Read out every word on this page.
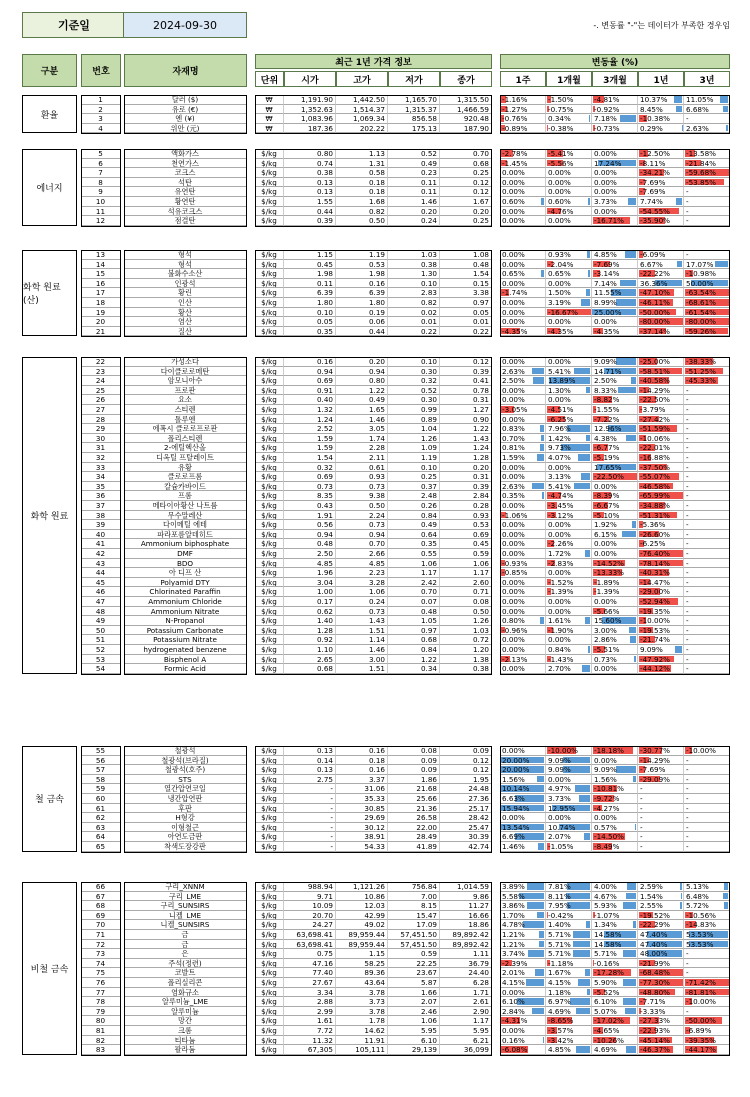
기준일	2024-09-30	-. 변동률 "-"는 데이터가 부족한 경우임
구분	번호	자재명
최근 1년 가격 정보	변동율 (%)
단위	시가	고가	저가	종가	1주	1개월	3개월	1년	3년
환율
1	달러 ($)	₩	1,191.90	1,442.50	1,165.70	1,315.50	-1.16%	-1.50%	-4.81%	10.37%	11.05%
2	유로 (€)	₩	1,352.63	1,514.37	1,315.37	1,466.59	-1.27%	-0.75%	-0.92%	8.45%	6.68%
3	엔 (¥)	₩	1,083.96	1,069.34	856.58	920.48	-0.76%	0.34%	7.18%	-10.38%	-
4	위안 (元)	₩	187.36	202.22	175.13	187.90	-0.89%	-0.38%	-0.73%	0.29%	2.63%
에너지
5	액화가스	$/kg	0.80	1.13	0.52	0.70	-2.78%	-5.41%	0.00%	-12.50%	-13.58%
6	천연가스	$/kg	0.74	1.31	0.49	0.68	-1.45%	-5.56%	17.24%	-8.11%	-21.84%
7	코크스	$/kg	0.38	0.58	0.23	0.25	0.00%	0.00%	0.00%	-34.21%	-59.68%
8	석탄	$/kg	0.13	0.18	0.11	0.12	0.00%	0.00%	0.00%	-7.69%	-53.85%
9	유연탄	$/kg	0.13	0.18	0.11	0.12	0.00%	0.00%	0.00%	-7.69%	-
10	황연탄	$/kg	1.55	1.68	1.46	1.67	0.60%	0.60%	3.73%	7.74%	-
11	석유코크스	$/kg	0.44	0.82	0.20	0.20	0.00%	-4.76%	0.00%	-54.55%	-
12	점결탄	$/kg	0.39	0.50	0.24	0.25	0.00%	0.00%	-16.71%	-35.90%	-
화학 원료 (산)
13	형석	$/kg	1.15	1.19	1.03	1.08	0.00%	0.93%	4.85%	-6.09%	-
14	형석	$/kg	0.45	0.53	0.38	0.48	0.00%	-2.04%	-7.69%	6.67%	17.07%
15	불화수소산	$/kg	1.98	1.98	1.30	1.54	0.65%	0.65%	-3.14%	-22.22%	-10.98%
16	인광석	$/kg	0.11	0.16	0.10	0.15	0.00%	0.00%	7.14%	36.36%	50.00%
17	황린	$/kg	6.39	6.39	2.83	3.38	-1.74%	1.50%	11.55%	-47.10%	-63.54%
18	인산	$/kg	1.80	1.80	0.82	0.97	0.00%	3.19%	8.99%	-46.11%	-68.61%
19	황산	$/kg	0.10	0.19	0.02	0.05	0.00%	-16.67%	25.00%	-50.00%	-61.54%
20	염산	$/kg	0.05	0.06	0.01	0.01	0.00%	0.00%	0.00%	-80.00%	-80.00%
21	질산	$/kg	0.35	0.44	0.22	0.22	-4.35%	-4.35%	-4.35%	-37.14%	-59.26%
화학 원료
22	가성소다	$/kg	0.16	0.20	0.10	0.12	0.00%	0.00%	9.09%	-25.00%	-38.33%
23	다이클로로메탄	$/kg	0.94	0.94	0.30	0.39	2.63%	5.41%	14.71%	-58.51%	-51.25%
24	암모니아수	$/kg	0.69	0.80	0.32	0.41	2.50%	13.89%	2.50%	-40.58%	-45.33%
25	프로판	$/kg	0.91	1.22	0.52	0.78	0.00%	1.30%	8.33%	-14.29%	-
26	요소	$/kg	0.40	0.49	0.30	0.31	0.00%	0.00%	-8.82%	-22.50%	-
27	스티렌	$/kg	1.32	1.65	0.99	1.27	-3.05%	-4.51%	-1.55%	-3.79%	-
28	톨루엔	$/kg	1.24	1.46	0.89	0.90	0.00%	-6.25%	-7.22%	-27.42%	-
29	에폭시 클로로프로판	$/kg	2.52	3.05	1.04	1.22	0.83%	7.96%	12.96%	-51.59%	-
30	폴리스티렌	$/kg	1.59	1.74	1.26	1.43	0.70%	1.42%	4.38%	-10.06%	-
31	2-에틸헥산올	$/kg	1.59	2.28	1.09	1.24	0.81%	9.73%	-6.77%	-22.01%	-
32	디옥틸 프탈레이트	$/kg	1.54	2.11	1.19	1.28	1.59%	4.07%	-5.19%	-16.88%	-
33	유황	$/kg	0.32	0.61	0.10	0.20	0.00%	0.00%	17.65%	-37.50%	-
34	클로로프롬	$/kg	0.69	0.93	0.25	0.31	0.00%	3.13%	-22.50%	-55.07%	-
35	칼슘카바이드	$/kg	0.73	0.73	0.37	0.39	2.63%	5.41%	0.00%	-46.58%	-
36	프롬	$/kg	8.35	9.38	2.48	2.84	0.35%	-4.74%	-8.39%	-65.99%	-
37	메타이아황산 나트륨	$/kg	0.43	0.50	0.26	0.28	0.00%	-3.45%	-6.67%	-34.88%	-
38	무수말레산	$/kg	1.91	2.24	0.84	0.93	-1.06%	-3.12%	-5.10%	-51.31%	-
39	다이메틸 에테	$/kg	0.56	0.73	0.49	0.53	0.00%	0.00%	1.92%	-5.36%	-
40	파라포름알데히드	$/kg	0.94	0.94	0.64	0.69	0.00%	0.00%	6.15%	-26.60%	-
41	Ammonium biphosphate	$/kg	0.48	0.70	0.35	0.45	0.00%	-2.26%	0.00%	-6.25%	-
42	DMF	$/kg	2.50	2.66	0.55	0.59	0.00%	1.72%	0.00%	-76.40%	-
43	BDO	$/kg	4.85	4.85	1.06	1.06	-0.93%	-2.83%	-14.52%	-78.14%	-
44	아 디프 산	$/kg	1.96	2.23	1.17	1.17	-0.85%	0.00%	-13.33%	-40.31%	-
45	Polyamid DTY	$/kg	3.04	3.28	2.42	2.60	0.00%	-1.52%	-1.89%	-14.47%	-
46	Chlorinated Paraffin	$/kg	1.00	1.06	0.70	0.71	0.00%	-1.39%	-1.39%	-29.00%	-
47	Ammonium Chloride	$/kg	0.17	0.24	0.07	0.08	0.00%	0.00%	0.00%	-52.94%	-
48	Ammonium Nitrate	$/kg	0.62	0.73	0.48	0.50	0.00%	0.00%	-5.66%	-19.35%	-
49	N-Propanol	$/kg	1.40	1.43	1.05	1.26	0.80%	1.61%	15.60%	-10.00%	-
50	Potassium Carbonate	$/kg	1.28	1.51	0.97	1.03	-0.96%	-1.90%	3.00%	-19.53%	-
51	Potassium Nitrate	$/kg	0.92	1.14	0.68	0.72	0.00%	0.00%	2.86%	-21.74%	-
52	hydrogenated benzene	$/kg	1.10	1.46	0.84	1.20	0.00%	0.84%	-5.51%	9.09%	-
53	Bisphenol A	$/kg	2.65	3.00	1.22	1.38	-2.13%	-1.43%	0.73%	-47.92%	-
54	Formic Acid	$/kg	0.68	1.51	0.34	0.38	0.00%	2.70%	0.00%	-44.12%	-
철 금속
55	철광석	$/kg	0.13	0.16	0.08	0.09	0.00%	-10.00%	-18.18%	-30.77%	-10.00%
56	철광석(브라질)	$/kg	0.14	0.18	0.09	0.12	20.00%	9.09%	0.00%	-14.29%	-
57	철광석(호주)	$/kg	0.13	0.16	0.09	0.12	20.00%	9.09%	9.09%	-7.69%	-
58	STS	$/kg	2.75	3.37	1.86	1.95	1.56%	0.00%	1.56%	-29.09%	-
59	열간압연코일	$/kg	-	31.06	21.68	24.48	10.14%	4.97%	-10.81%	-	-
60	냉간압연판	$/kg	-	35.33	25.66	27.36	6.63%	3.73%	-9.72%	-	-
61	후판	$/kg	-	30.85	21.36	25.17	15.94%	12.95%	-4.27%	-	-
62	H형강	$/kg	-	29.69	26.58	28.42	0.00%	0.00%	0.00%	-	-
63	이형철근	$/kg	-	30.12	22.00	25.47	13.54%	10.74%	0.57%	-	-
64	아연도금판	$/kg	-	38.91	28.49	30.39	6.69%	2.07%	-14.50%	-	-
65	착색도장강판	$/kg	-	54.33	41.89	42.74	1.46%	-1.05%	-8.49%	-	-
비철 금속
66	구리_XNNM	$/kg	988.94	1,121.26	756.84	1,014.59	3.89%	7.81%	4.00%	2.59%	5.13%
67	구리_LME	$/kg	9.71	10.86	7.00	9.86	5.58%	8.11%	4.67%	1.54%	6.48%
68	구리_SUNSIRS	$/kg	10.09	12.03	8.15	11.27	3.86%	7.95%	5.93%	2.55%	5.72%
69	니켈_LME	$/kg	20.70	42.99	15.47	16.66	1.70%	-0.42%	-1.07%	-19.52%	-10.56%
70	니켈_SUNSIRS	$/kg	24.27	49.02	17.09	18.86	4.78%	1.40%	1.34%	-22.29%	-14.83%
71	금	$/kg	63,698.41	89,959.44	57,451.50	89,892.42	1.21%	5.71%	14.58%	47.40%	53.53%
72	금	$/kg	63,698.41	89,959.44	57,451.50	89,892.42	1.21%	5.71%	14.58%	47.40%	53.53%
73	은	$/kg	0.75	1.15	0.59	1.11	3.74%	5.71%	5.71%	48.00%	-
74	주석(정련)	$/kg	47.16	58.25	22.25	36.79	-2.39%	-1.18%	-0.16%	-21.99%	-
75	코발트	$/kg	77.40	89.36	23.67	24.40	2.01%	1.67%	-17.28%	-68.48%	-
76	폴리실리콘	$/kg	27.67	43.64	5.87	6.28	4.15%	4.15%	5.90%	-77.30%	-71.42%
77	염화규소	$/kg	3.34	3.78	1.66	1.71	0.00%	1.18%	-5.52%	-48.80%	-81.81%
78	알루미늄_LME	$/kg	2.88	3.73	2.07	2.61	6.10%	6.97%	6.10%	-7.71%	-10.00%
79	알루미늄	$/kg	2.99	3.78	2.46	2.90	2.84%	4.69%	5.07%	-3.33%	-
80	망간	$/kg	1.61	1.78	1.06	1.17	-4.31%	-8.65%	-17.02%	-27.33%	-50.00%
81	크롬	$/kg	7.72	14.62	5.95	5.95	0.00%	-3.57%	-4.65%	-22.93%	-6.89%
82	티타늄	$/kg	11.32	11.91	6.10	6.21	0.16%	-3.42%	-10.26%	-45.14%	-39.35%
83	팔라듐	$/kg	67,305	105,111	29,139	36,099	-6.08%	4.85%	4.69%	-46.37%	-44.17%
